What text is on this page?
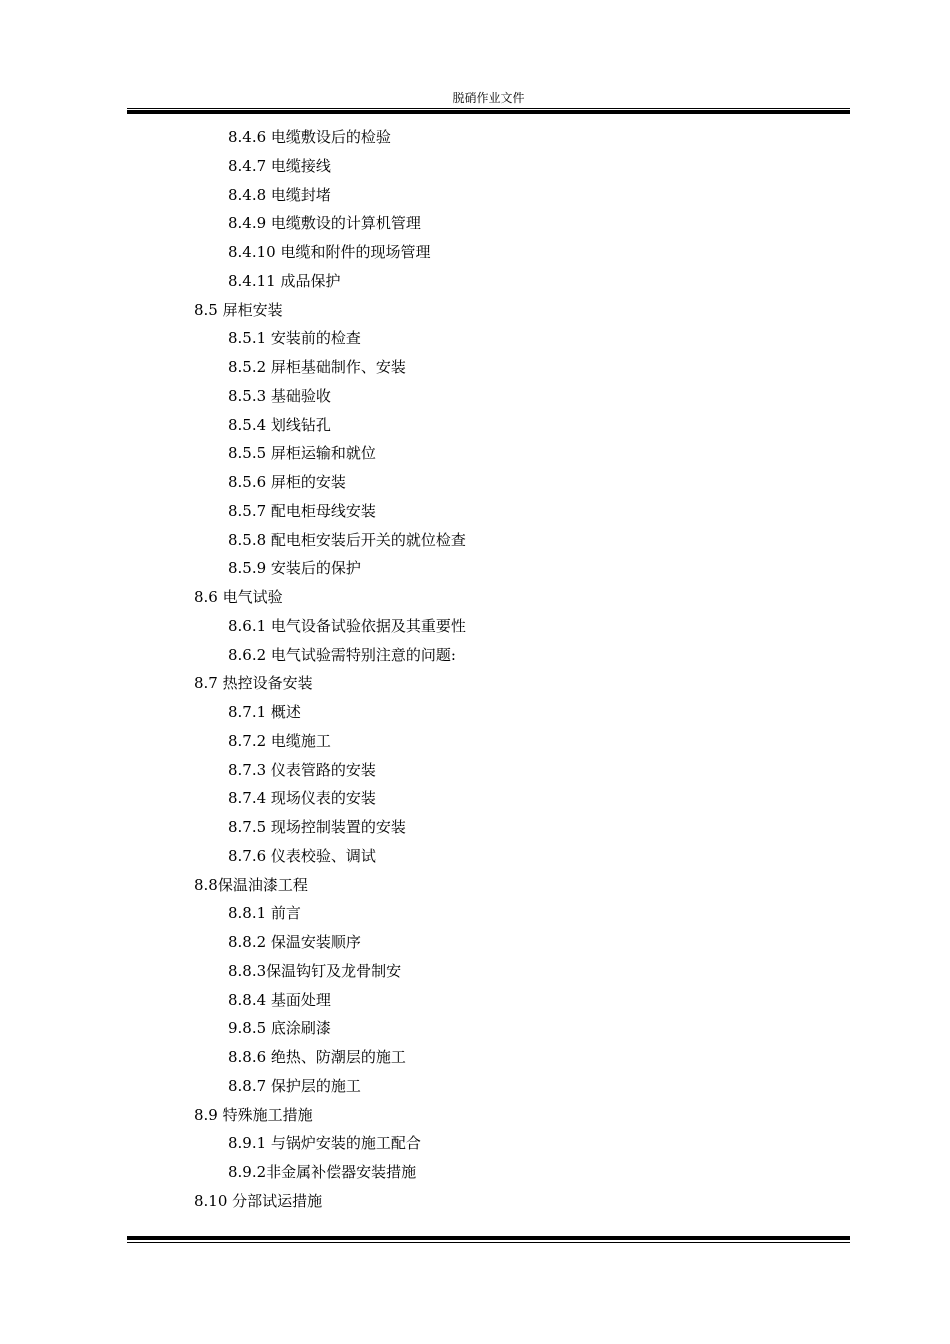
脱硝作业文件
8.4.6 电缆敷设后的检验
8.4.7 电缆接线
8.4.8 电缆封堵
8.4.9 电缆敷设的计算机管理
8.4.10 电缆和附件的现场管理
8.4.11 成品保护
8.5 屏柜安装
8.5.1 安装前的检查
8.5.2 屏柜基础制作、安装
8.5.3 基础验收
8.5.4 划线钻孔
8.5.5 屏柜运输和就位
8.5.6 屏柜的安装
8.5.7 配电柜母线安装
8.5.8 配电柜安装后开关的就位检查
8.5.9 安装后的保护
8.6 电气试验
8.6.1 电气设备试验依据及其重要性
8.6.2 电气试验需特别注意的问题:
8.7 热控设备安装
8.7.1 概述
8.7.2 电缆施工
8.7.3 仪表管路的安装
8.7.4 现场仪表的安装
8.7.5 现场控制装置的安装
8.7.6 仪表校验、调试
8.8保温油漆工程
8.8.1 前言
8.8.2 保温安装顺序
8.8.3保温钩钉及龙骨制安
8.8.4 基面处理
9.8.5 底涂刷漆
8.8.6 绝热、防潮层的施工
8.8.7 保护层的施工
8.9 特殊施工措施
8.9.1 与锅炉安装的施工配合
8.9.2非金属补偿器安装措施
8.10 分部试运措施
